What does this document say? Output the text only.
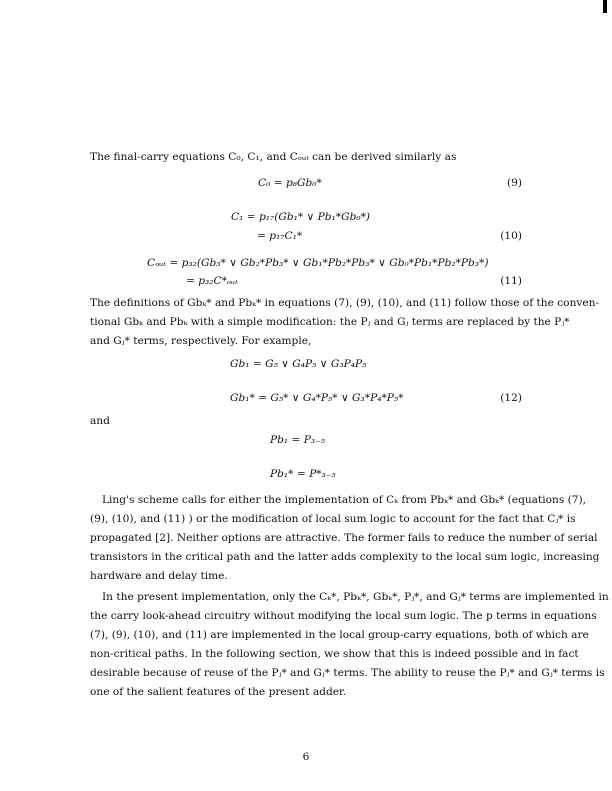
The final-carry equations C₀, C₁, and Cₒᵤₜ can be derived similarly as
C₀ = p₈Gb₀*	(9)
C₁ = p₁₇(Gb₁* ∨ Pb₁*Gb₀*)
= p₁₇C₁*	(10)
Cₒᵤₜ = p₃₂(Gb₃* ∨ Gb₂*Pb₃* ∨ Gb₁*Pb₂*Pb₃* ∨ Gb₀*Pb₁*Pb₂*Pb₃*)
= p₃₂C*ₒᵤₜ	(11)
The definitions of Gbₖ* and Pbₖ* in equations (7), (9), (10), and (11) follow those of the conven-
tional Gbₖ and Pbₖ with a simple modification: the Pⱼ and Gⱼ terms are replaced by the Pⱼ*
and Gⱼ* terms, respectively. For example,
Gb₁ = G₅ ∨ G₄P₅ ∨ G₃P₄P₅
Gb₁* = G₅* ∨ G₄*P₅* ∨ G₃*P₄*P₅*	(12)
and
Pb₁ = P₃₋₅
Pb₁* = P*₃₋₅
Ling's scheme calls for either the implementation of Cₖ from Pbₖ* and Gbₖ* (equations (7),
(9), (10), and (11) ) or the modification of local sum logic to account for the fact that Cⱼ* is
propagated [2]. Neither options are attractive. The former fails to reduce the number of serial
transistors in the critical path and the latter adds complexity to the local sum logic, increasing
hardware and delay time.
In the present implementation, only the Cₖ*, Pbₖ*, Gbₖ*, Pⱼ*, and Gⱼ* terms are implemented in
the carry look-ahead circuitry without modifying the local sum logic. The p terms in equations
(7), (9), (10), and (11) are implemented in the local group-carry equations, both of which are
non-critical paths. In the following section, we show that this is indeed possible and in fact
desirable because of reuse of the Pⱼ* and Gⱼ* terms. The ability to reuse the Pⱼ* and Gⱼ* terms is
one of the salient features of the present adder.
6
